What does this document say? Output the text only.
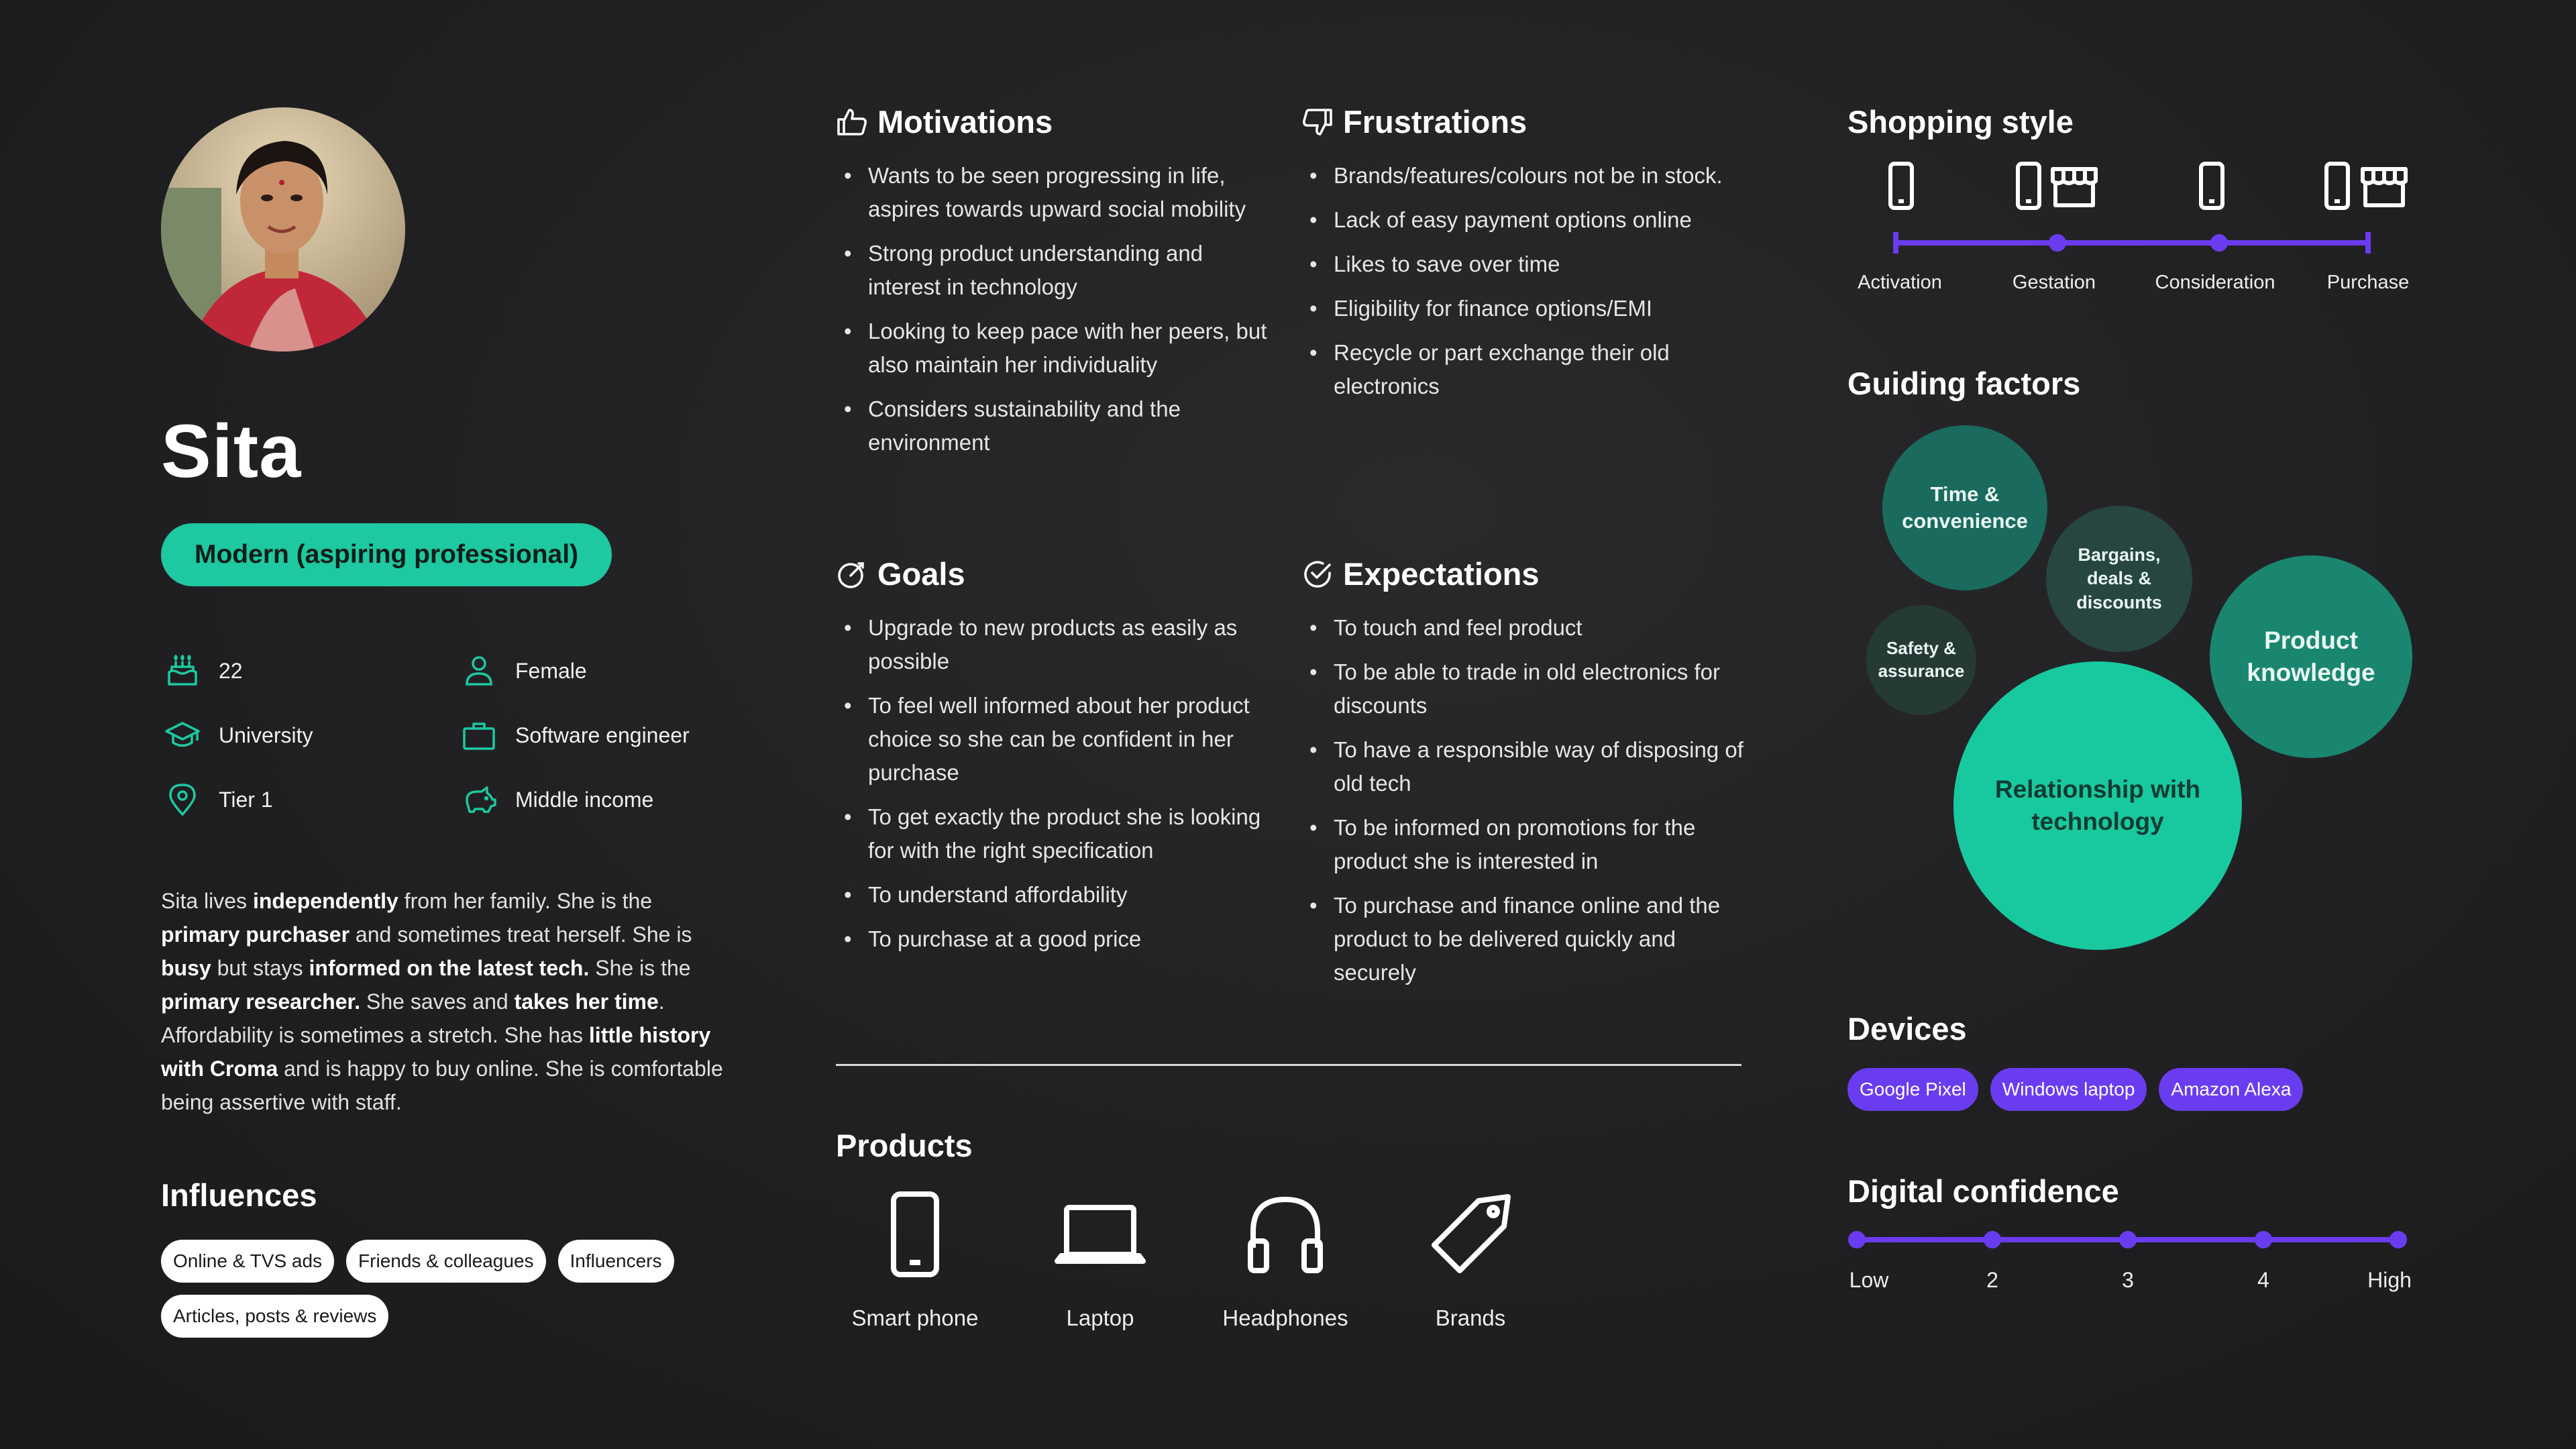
Sita
Modern (aspiring professional)
22	Female
University	Software engineer
Tier 1	Middle income
Sita lives independently from her family. She is the primary purchaser and sometimes treat herself. She is busy but stays informed on the latest tech. She is the primary researcher. She saves and takes her time. Affordability is sometimes a stretch. She has little history with Croma and is happy to buy online. She is comfortable being assertive with staff.
Influences
Online & TVS ads	Friends & colleagues	Influencers
Articles, posts & reviews
Motivations
• Wants to be seen progressing in life, aspires towards upward social mobility
• Strong product understanding and interest in technology
• Looking to keep pace with her peers, but also maintain her individuality
• Considers sustainability and the environment
Frustrations
• Brands/features/colours not be in stock.
• Lack of easy payment options online
• Likes to save over time
• Eligibility for finance options/EMI
• Recycle or part exchange their old electronics
Goals
• Upgrade to new products as easily as possible
• To feel well informed about her product choice so she can be confident in her purchase
• To get exactly the product she is looking for with the right specification
• To understand affordability
• To purchase at a good price
Expectations
• To touch and feel product
• To be able to trade in old electronics for discounts
• To have a responsible way of disposing of old tech
• To be informed on promotions for the product she is interested in
• To purchase and finance online and the product to be delivered quickly and securely
Products
Smart phone	Laptop	Headphones	Brands
Shopping style
Activation	Gestation	Consideration	Purchase
Guiding factors
Time & convenience
Bargains, deals & discounts
Product knowledge
Safety & assurance
Relationship with technology
Devices
Google Pixel	Windows laptop	Amazon Alexa
Digital confidence
Low	2	3	4	High
